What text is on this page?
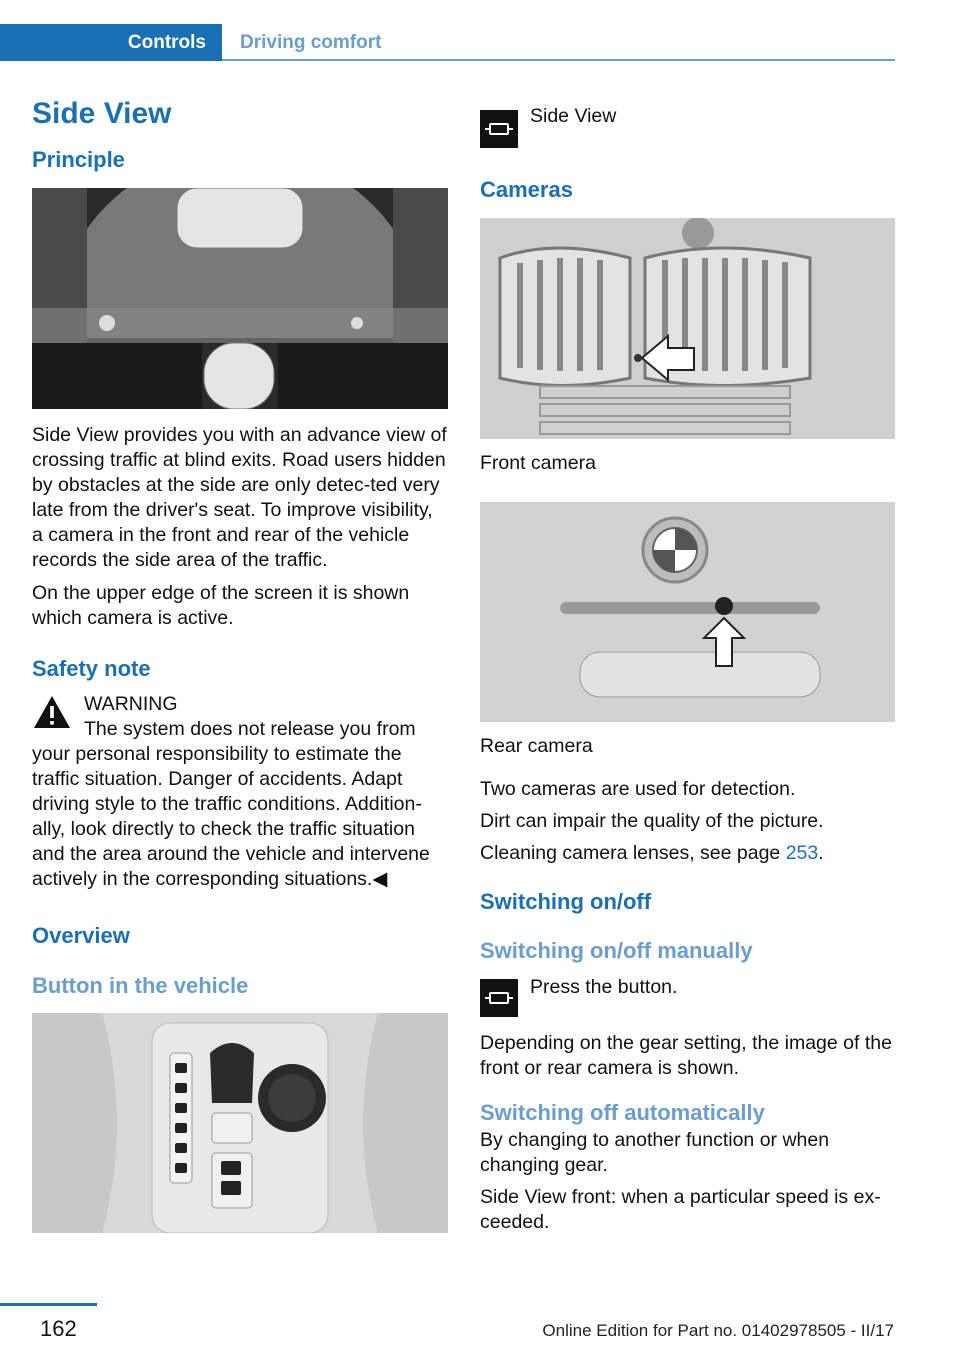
Controls Driving comfort
Side View
Principle

Side View provides you with an advance view of crossing traffic at blind exits. Road users hidden by obstacles at the side are only detec‐ted very late from the driver's seat. To improve visibility, a camera in the front and rear of the vehicle records the side area of the traffic.

On the upper edge of the screen it is shown which camera is active.

Safety note

WARNING

The system does not release you from

your personal responsibility to estimate the traffic situation. Danger of accidents. Adapt driving style to the traffic conditions. Addition‐ally, look directly to check the traffic situation and the area around the vehicle and intervene actively in the corresponding situations.◀

Overview
Button in the vehicle

Side View

Cameras

Front camera

Rear camera

Two cameras are used for detection.

Dirt can impair the quality of the picture.

Cleaning camera lenses, see page 253.

Switching on/off
Switching on/off manually

Press the button.

Depending on the gear setting, the image of the front or rear camera is shown.

Switching off automatically

By changing to another function or when changing gear.

Side View front: when a particular speed is ex‐ceeded.

162	Online Edition for Part no. 01402978505 - II/17
